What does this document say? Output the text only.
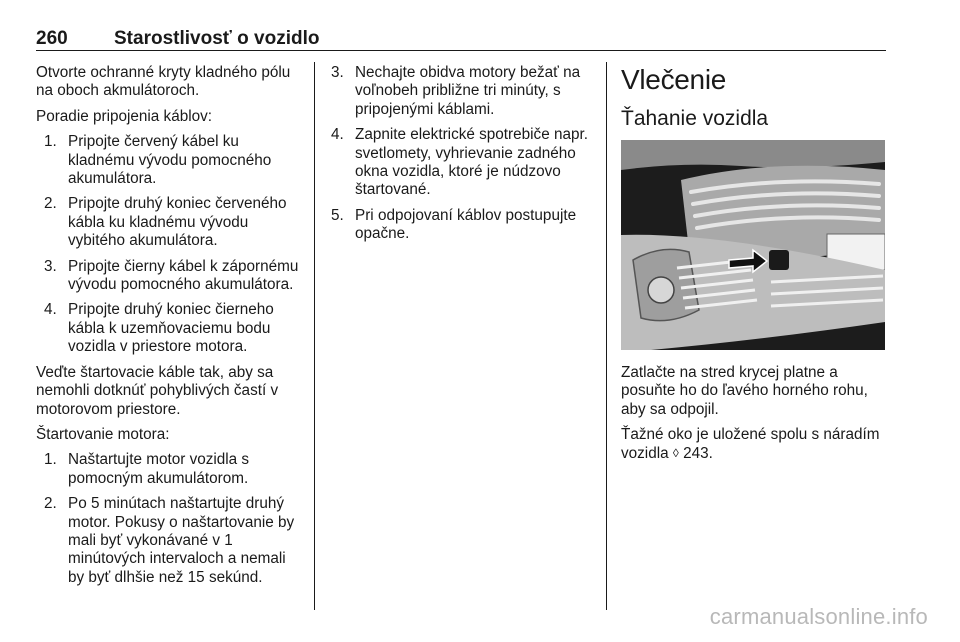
260 Starostlivosť o vozidlo

Otvorte ochranné kryty kladného pólu na oboch akmulátoroch.

Poradie pripojenia káblov:

1. Pripojte červený kábel ku kladnému vývodu pomocného akumulátora.
2. Pripojte druhý koniec červeného kábla ku kladnému vývodu vybitého akumulátora.
3. Pripojte čierny kábel k zápornému vývodu pomocného akumulátora.
4. Pripojte druhý koniec čierneho kábla k uzemňovaciemu bodu vozidla v priestore motora.

Veďte štartovacie káble tak, aby sa nemohli dotknúť pohyblivých častí v motorovom priestore.

Štartovanie motora:

1. Naštartujte motor vozidla s pomocným akumulátorom.
2. Po 5 minútach naštartujte druhý motor. Pokusy o naštartovanie by mali byť vykonávané v 1 minútových intervaloch a nemali by byť dlhšie než 15 sekúnd.
3. Nechajte obidva motory bežať na voľnobeh približne tri minúty, s pripojenými káblami.
4. Zapnite elektrické spotrebiče napr. svetlomety, vyhrievanie zadného okna vozidla, ktoré je núdzovo štartované.
5. Pri odpojovaní káblov postupujte opačne.
Vlečenie
Ťahanie vozidla

Zatlačte na stred krycej platne a posuňte ho do ľavého horného rohu, aby sa odpojil.

Ťažné oko je uložené spolu s náradím vozidla ◊ 243.

carmanualsonline.info
